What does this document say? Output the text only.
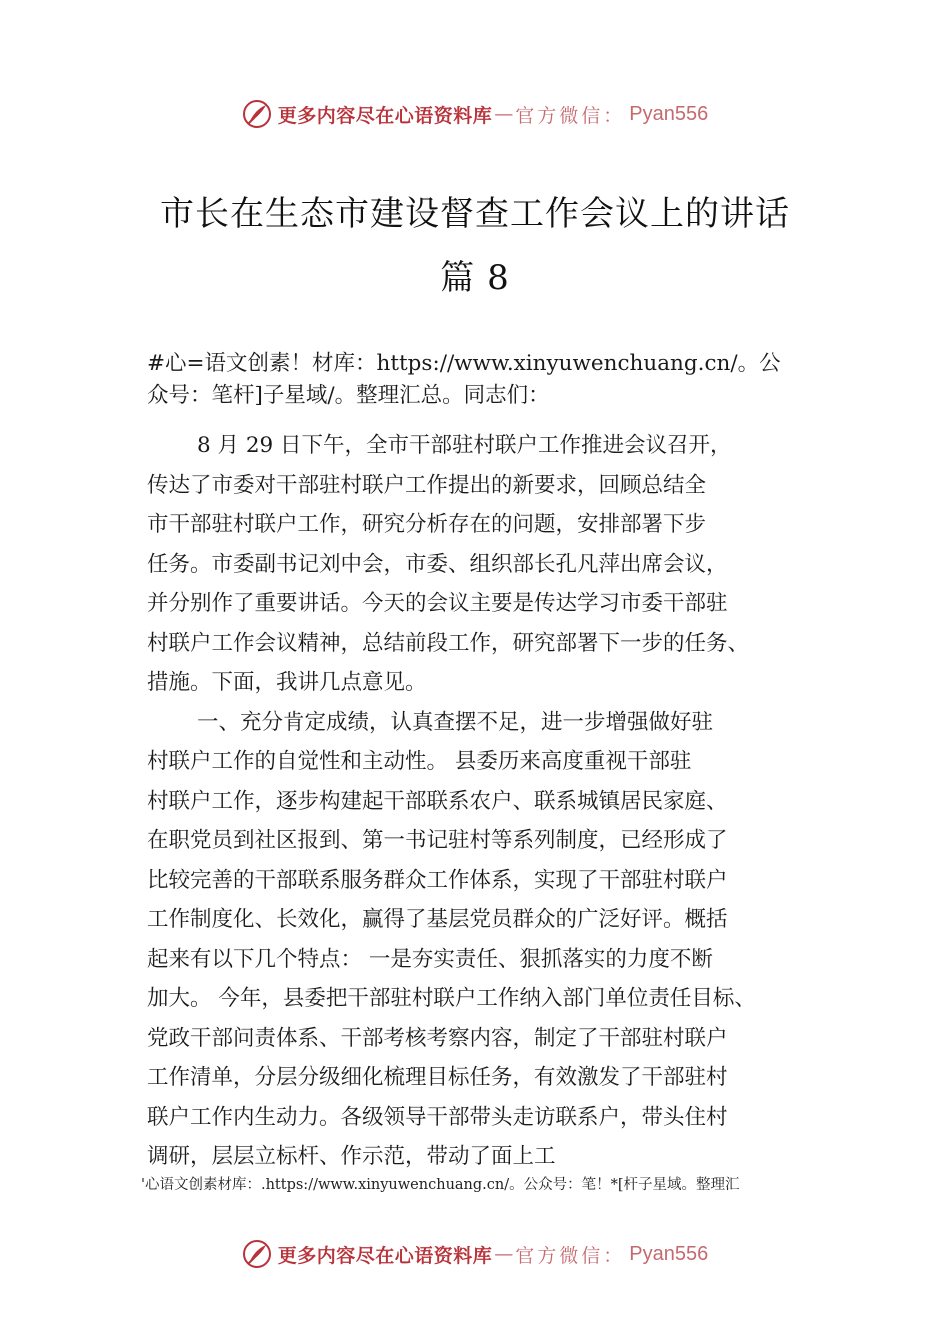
更多内容尽在心语资料库 — 官方微信： Pyan556
市长在生态市建设督查工作会议上的讲话
篇 8
#心=语文创素！材库：https://www.xinyuwenchuang.cn/。公
众号：笔杆]子星域/。整理汇总。同志们：
8 月 29 日下午，全市干部驻村联户工作推进会议召开，
传达了市委对干部驻村联户工作提出的新要求，回顾总结全
市干部驻村联户工作，研究分析存在的问题，安排部署下步
任务。市委副书记刘中会，市委、组织部长孔凡萍出席会议，
并分别作了重要讲话。今天的会议主要是传达学习市委干部驻
村联户工作会议精神，总结前段工作，研究部署下一步的任务、
措施。下面，我讲几点意见。
一、充分肯定成绩，认真查摆不足，进一步增强做好驻
村联户工作的自觉性和主动性。 县委历来高度重视干部驻
村联户工作，逐步构建起干部联系农户、联系城镇居民家庭、
在职党员到社区报到、第一书记驻村等系列制度，已经形成了
比较完善的干部联系服务群众工作体系，实现了干部驻村联户
工作制度化、长效化，赢得了基层党员群众的广泛好评。概括
起来有以下几个特点： 一是夯实责任、狠抓落实的力度不断
加大。 今年，县委把干部驻村联户工作纳入部门单位责任目标、
党政干部问责体系、干部考核考察内容，制定了干部驻村联户
工作清单，分层分级细化梳理目标任务，有效激发了干部驻村
联户工作内生动力。各级领导干部带头走访联系户，带头住村
调研，层层立标杆、作示范，带动了面上工
'心语文创素材库：.https://www.xinyuwenchuang.cn/。公众号：笔！*[杆子星域。整理汇
更多内容尽在心语资料库 — 官方微信： Pyan556
